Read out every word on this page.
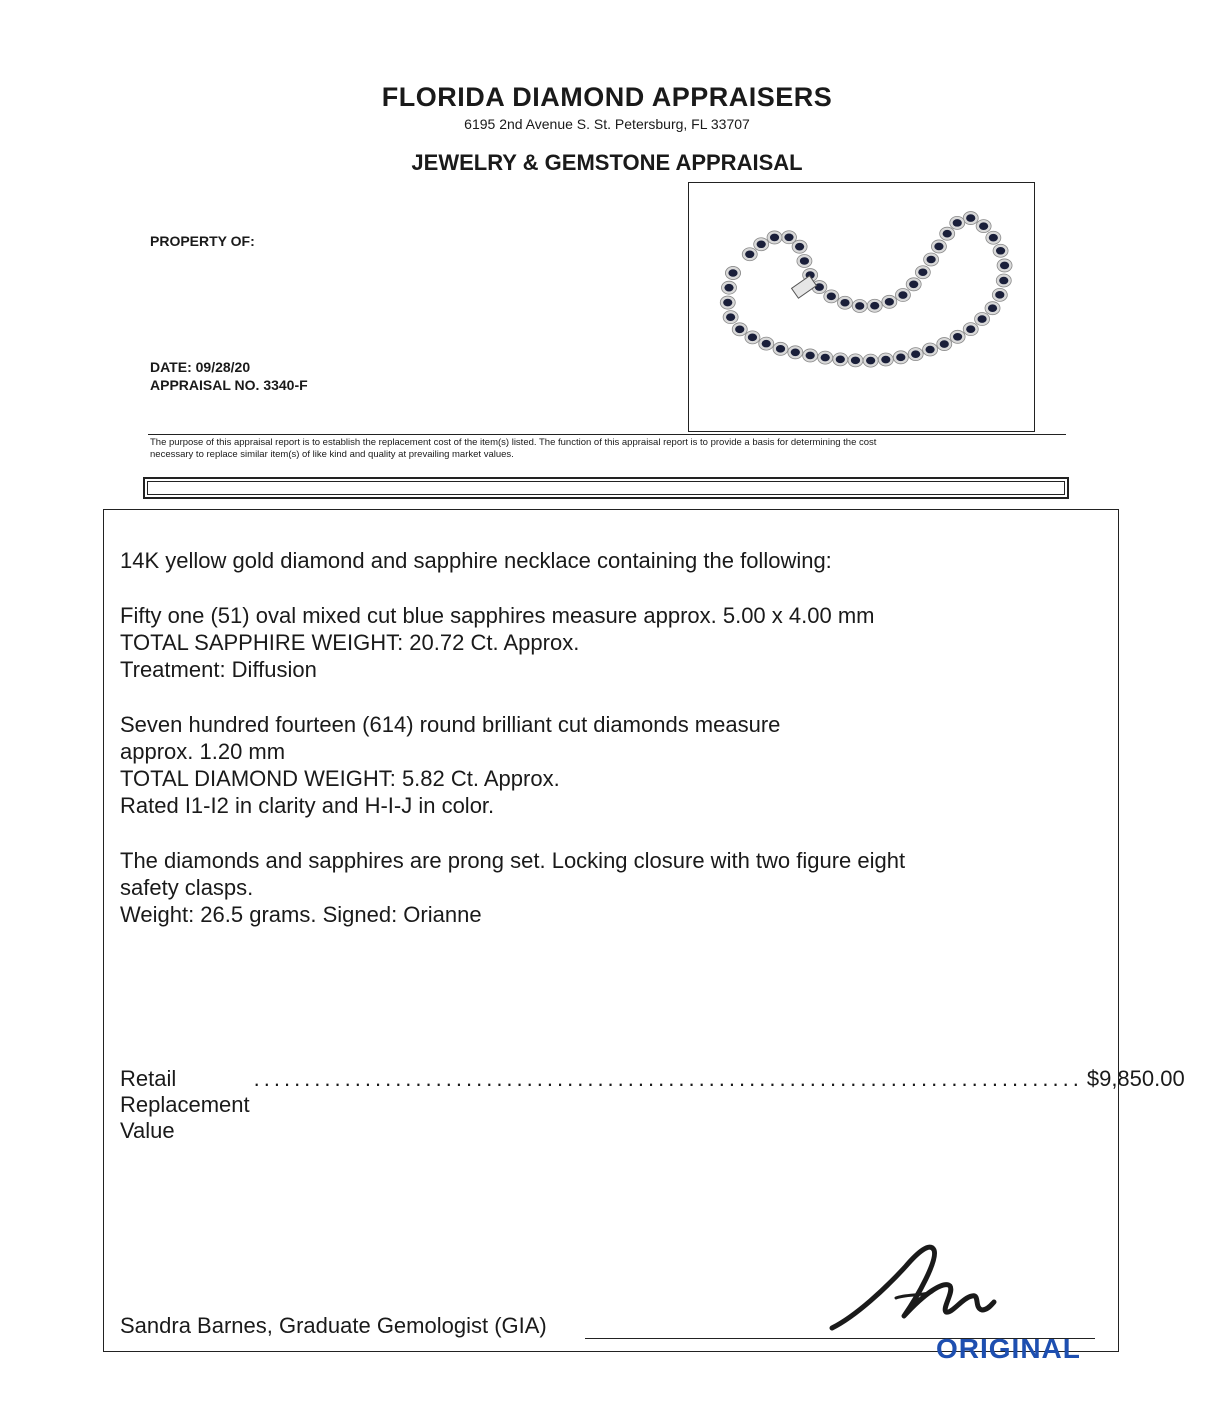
FLORIDA DIAMOND APPRAISERS
6195 2nd Avenue S. St. Petersburg, FL 33707
JEWELRY & GEMSTONE APPRAISAL
PROPERTY OF:
DATE: 09/28/20
APPRAISAL NO. 3340-F
The purpose of this appraisal report is to establish the replacement cost of the item(s) listed. The function of this appraisal report is to provide a basis for determining the cost
necessary to replace similar item(s) of like kind and quality at prevailing market values.
14K yellow gold diamond and sapphire necklace containing the following:
Fifty one (51) oval mixed cut blue sapphires measure approx. 5.00 x 4.00 mm
TOTAL SAPPHIRE WEIGHT: 20.72 Ct. Approx.
Treatment: Diffusion
Seven hundred fourteen (614) round brilliant cut diamonds measure
approx. 1.20 mm
TOTAL DIAMOND WEIGHT: 5.82 Ct. Approx.
Rated I1-I2 in clarity and H-I-J in color.
The diamonds and sapphires are prong set. Locking closure with two figure eight
safety clasps.
Weight: 26.5 grams. Signed: Orianne
Retail Replacement Value
.................................................................................. $9,850.00
Sandra Barnes, Graduate Gemologist (GIA)
ORIGINAL
